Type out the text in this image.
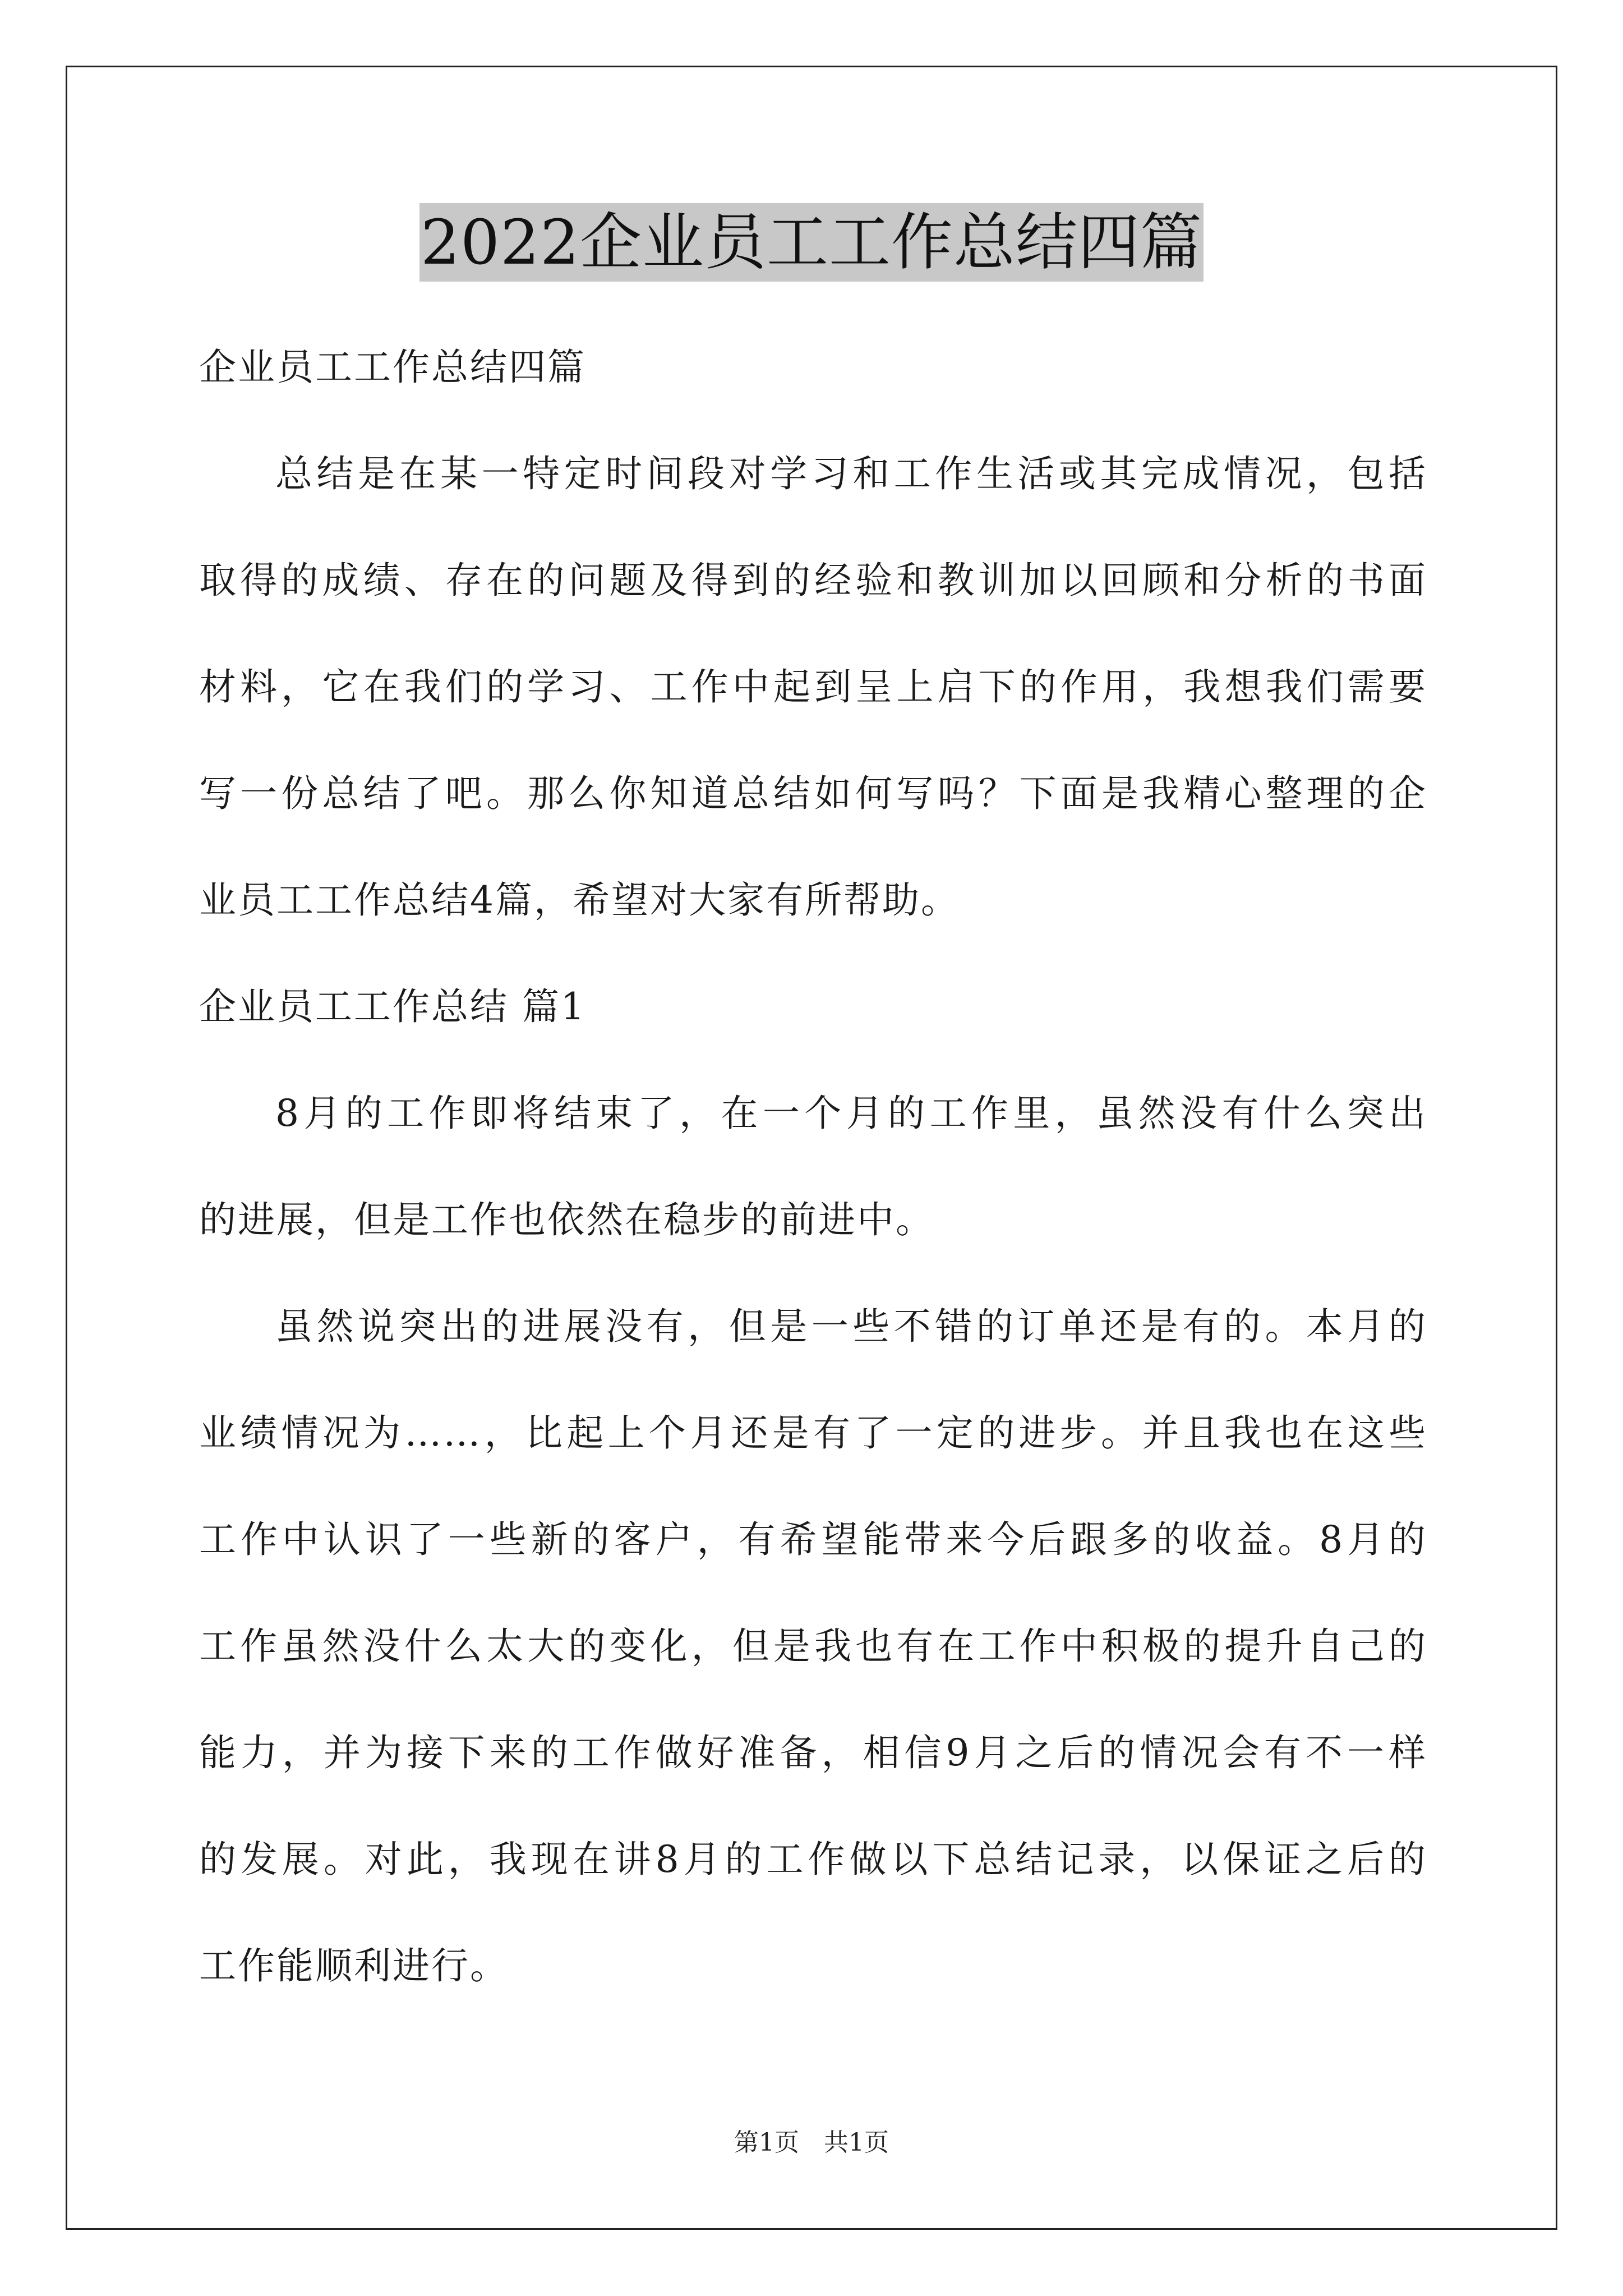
2022企业员工工作总结四篇
企业员工工作总结四篇
总结是在某一特定时间段对学习和工作生活或其完成情况，包括
取得的成绩、存在的问题及得到的经验和教训加以回顾和分析的书面
材料，它在我们的学习、工作中起到呈上启下的作用，我想我们需要
写一份总结了吧。那么你知道总结如何写吗？下面是我精心整理的企
业员工工作总结4篇，希望对大家有所帮助。
企业员工工作总结 篇1
8月的工作即将结束了，在一个月的工作里，虽然没有什么突出
的进展，但是工作也依然在稳步的前进中。
虽然说突出的进展没有，但是一些不错的订单还是有的。本月的
业绩情况为……，比起上个月还是有了一定的进步。并且我也在这些
工作中认识了一些新的客户，有希望能带来今后跟多的收益。8月的
工作虽然没什么太大的变化，但是我也有在工作中积极的提升自己的
能力，并为接下来的工作做好准备，相信9月之后的情况会有不一样
的发展。对此，我现在讲8月的工作做以下总结记录，以保证之后的
工作能顺利进行。
第1页　共1页
